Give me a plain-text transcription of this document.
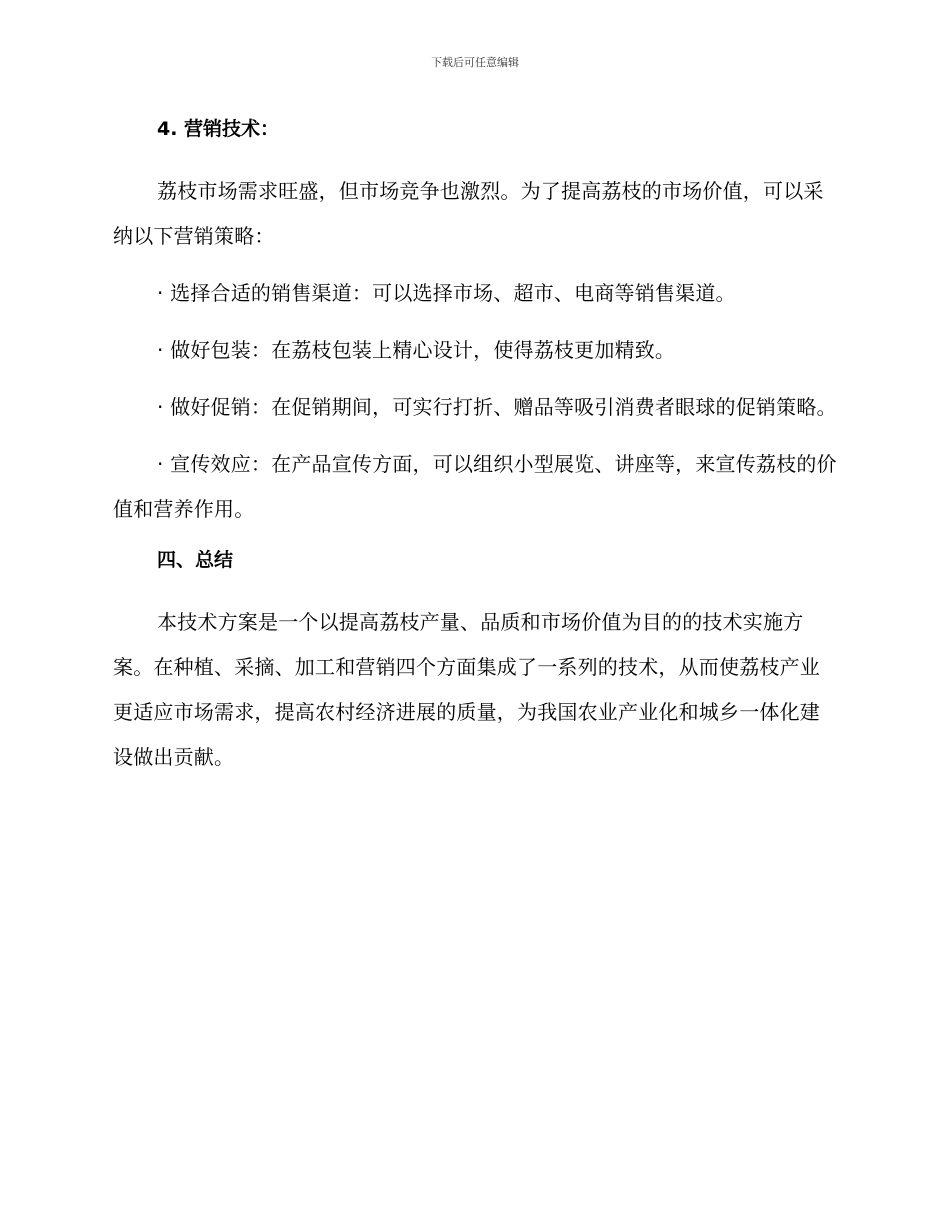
下载后可任意编辑
4. 营销技术：

荔枝市场需求旺盛，但市场竞争也激烈。为了提高荔枝的市场价值，可以采纳以下营销策略：

· 选择合适的销售渠道：可以选择市场、超市、电商等销售渠道。

· 做好包装：在荔枝包装上精心设计，使得荔枝更加精致。

· 做好促销：在促销期间，可实行打折、赠品等吸引消费者眼球的促销策略。

· 宣传效应：在产品宣传方面，可以组织小型展览、讲座等，来宣传荔枝的价值和营养作用。

四、总结

本技术方案是一个以提高荔枝产量、品质和市场价值为目的的技术实施方案。在种植、采摘、加工和营销四个方面集成了一系列的技术，从而使荔枝产业更适应市场需求，提高农村经济进展的质量，为我国农业产业化和城乡一体化建设做出贡献。
